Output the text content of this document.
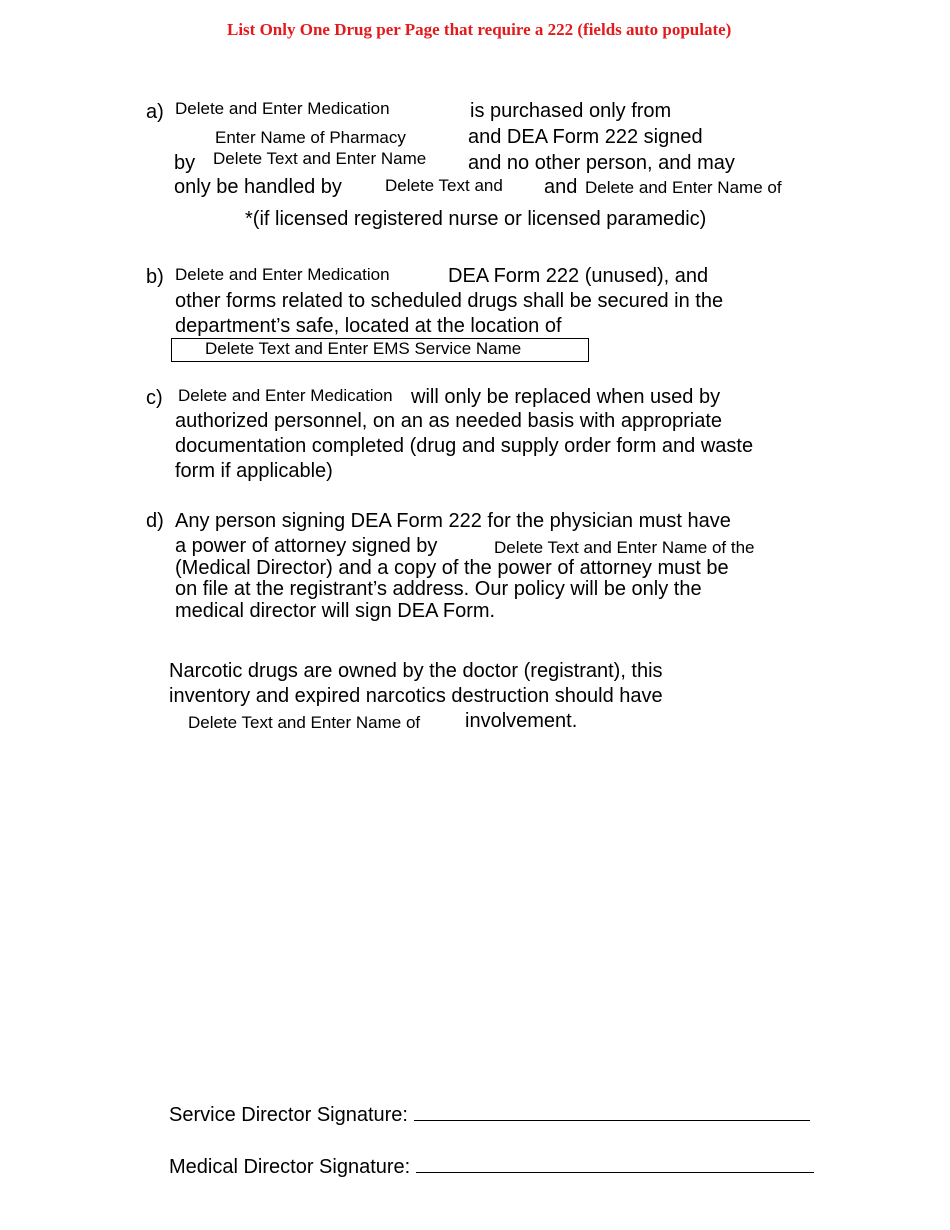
List Only One Drug per Page that require a 222 (fields auto populate)
a) Delete and Enter Medication	is purchased only from
Enter Name of Pharmacy	and DEA Form 222 signed
by Delete Text and Enter Name and no other person, and may
only be handled by	Delete Text and and Delete and Enter Name of
*(if licensed registered nurse or licensed paramedic)
b) Delete and Enter Medication	DEA Form 222 (unused), and
other forms related to scheduled drugs shall be secured in the
department’s safe, located at the location of
Delete Text and Enter EMS Service Name
c) Delete and Enter Medication will only be replaced when used by
authorized personnel, on an as needed basis with appropriate
documentation completed (drug and supply order form and waste
form if applicable)
d) Any person signing DEA Form 222 for the physician must have
a power of attorney signed by	Delete Text and Enter Name of the
(Medical Director) and a copy of the power of attorney must be
on file at the registrant’s address. Our policy will be only the
medical director will sign DEA Form.
Narcotic drugs are owned by the doctor (registrant), this
inventory and expired narcotics destruction should have
Delete Text and Enter Name of involvement.
Service Director Signature:
Medical Director Signature:
